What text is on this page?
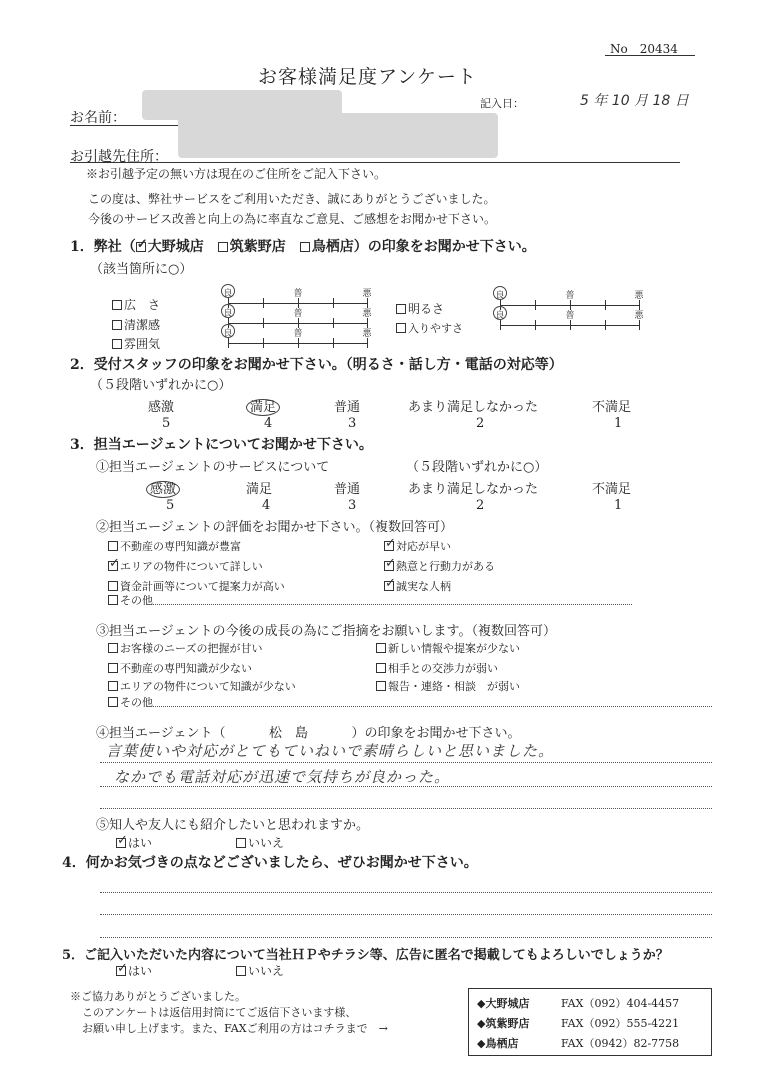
No　20434
お客様満足度アンケート
記入日：	5 年 10 月 18 日
お名前：
お引越先住所：
※お引越予定の無い方は現在のご住所をご記入下さい。
この度は、弊社サービスをご利用いただき、誠にありがとうございました。
今後のサービス改善と向上の為に率直なご意見、ご感想をお聞かせ下さい。
1．弊社（✓ 大野城店　 筑紫野店　 鳥栖店）の印象をお聞かせ下さい。
（該当箇所に○）
広　さ
清潔感
雰囲気
良	普	悪
良	普	悪
良	普	悪
明るさ
入りやすさ
良	普	悪
良	普	悪
2．受付スタッフの印象をお聞かせ下さい。（明るさ・話し方・電話の対応等）
（５段階いずれかに○）
感激
5
満足
4
普通
3
あまり満足しなかった
2
不満足
1
3．担当エージェントについてお聞かせ下さい。
①担当エージェントのサービスについて	（５段階いずれかに○）
感激
5
満足
4
普通
3
あまり満足しなかった
2
不満足
1
②担当エージェントの評価をお聞かせ下さい。（複数回答可）
不動産の専門知識が豊富
✓エリアの物件について詳しい
資金計画等について提案力が高い
その他
✓対応が早い
✓熱意と行動力がある
✓誠実な人柄
③担当エージェントの今後の成長の為にご指摘をお願いします。（複数回答可）
お客様のニーズの把握が甘い
不動産の専門知識が少ない
エリアの物件について知識が少ない
その他
新しい情報や提案が少ない
相手との交渉力が弱い
報告・連絡・相談　が弱い
④担当エージェント（	松　島	）の印象をお聞かせ下さい。
言葉使いや対応がとてもていねいで素晴らしいと思いました。
なかでも電話対応が迅速で気持ちが良かった。
⑤知人や友人にも紹介したいと思われますか。
✓はい	いいえ
4．何かお気づきの点などございましたら、ぜひお聞かせ下さい。
5．ご記入いただいた内容について当社ＨＰやチラシ等、広告に匿名で掲載してもよろしいでしょうか？
✓はい	いいえ
※ご協力ありがとうございました。
このアンケートは返信用封筒にてご返信下さいます様、
お願い申し上げます。また、FAXご利用の方はコチラまで　→
◆大野城店	FAX（092）404-4457
◆筑紫野店	FAX（092）555-4221
◆鳥栖店	FAX（0942）82-7758
